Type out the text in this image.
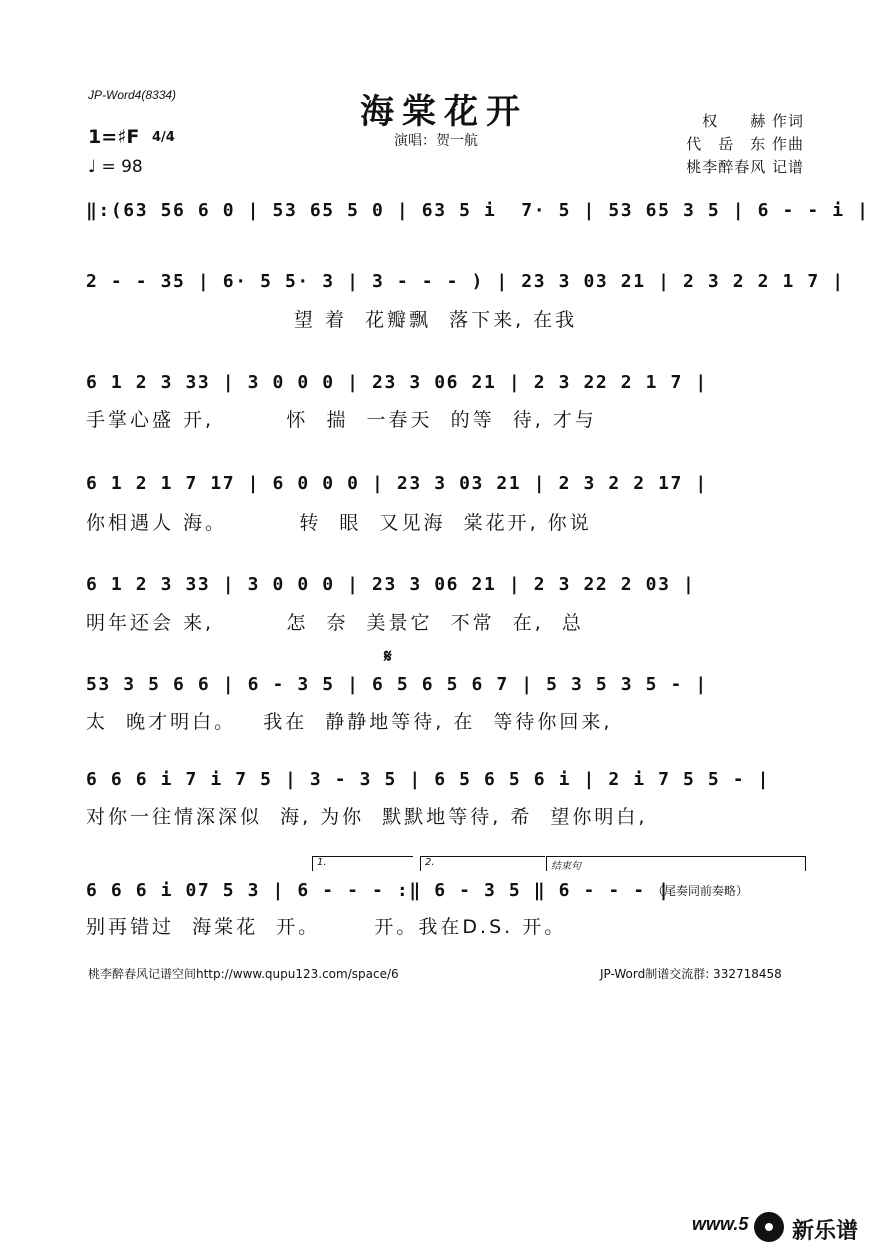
JP-Word4(8334)	海棠花开
演唱：贺一航
权　　赫 作词
代　岳　东 作曲
桃李醉春风 记谱
1=♯F 4/4
♩ = 98
‖:(63 56 6 0 | 53 65 5 0 | 63 5 i  7· 5 | 53 65 3 5 | 6 - - i |
2 - - 35 | 6· 5 5· 3 | 3 - - - ) | 23 3 03 21 | 2 3 2 2 1 7 |
望 着  花瓣飘  落下来, 在我
6 1 2 3 33 | 3 0 0 0 | 23 3 06 21 | 2 3 22 2 1 7 |
手掌心盛 开,        怀  揣  一春天  的等  待, 才与
6 1 2 1 7 17 | 6 0 0 0 | 23 3 03 21 | 2 3 2 2 17 |
你相遇人 海。        转  眼  又见海  棠花开, 你说
6 1 2 3 33 | 3 0 0 0 | 23 3 06 21 | 2 3 22 2 03 |
明年还会 来,        怎  奈  美景它  不常  在,  总
𝄋
53 3 5 6 6 | 6 - 3 5 | 6 5 6 5 6 7 | 5 3 5 3 5 - |
太  晚才明白。   我在  静静地等待, 在  等待你回来,
6 6 6 i 7 i 7 5 | 3 - 3 5 | 6 5 6 5 6 i | 2 i 7 5 5 - |
对你一往情深深似  海, 为你  默默地等待, 希  望你明白,
1.	2.	结束句
6 6 6 i 07 5 3 | 6 - - - :‖ 6 - 3 5 ‖ 6 - - - |
（尾奏同前奏略）
别再错过  海棠花  开。      开。我在D.S. 开。
桃李醉春风记谱空间http://www.qupu123.com/space/6	JP-Word制谱交流群: 332718458
www.5 新乐谱
